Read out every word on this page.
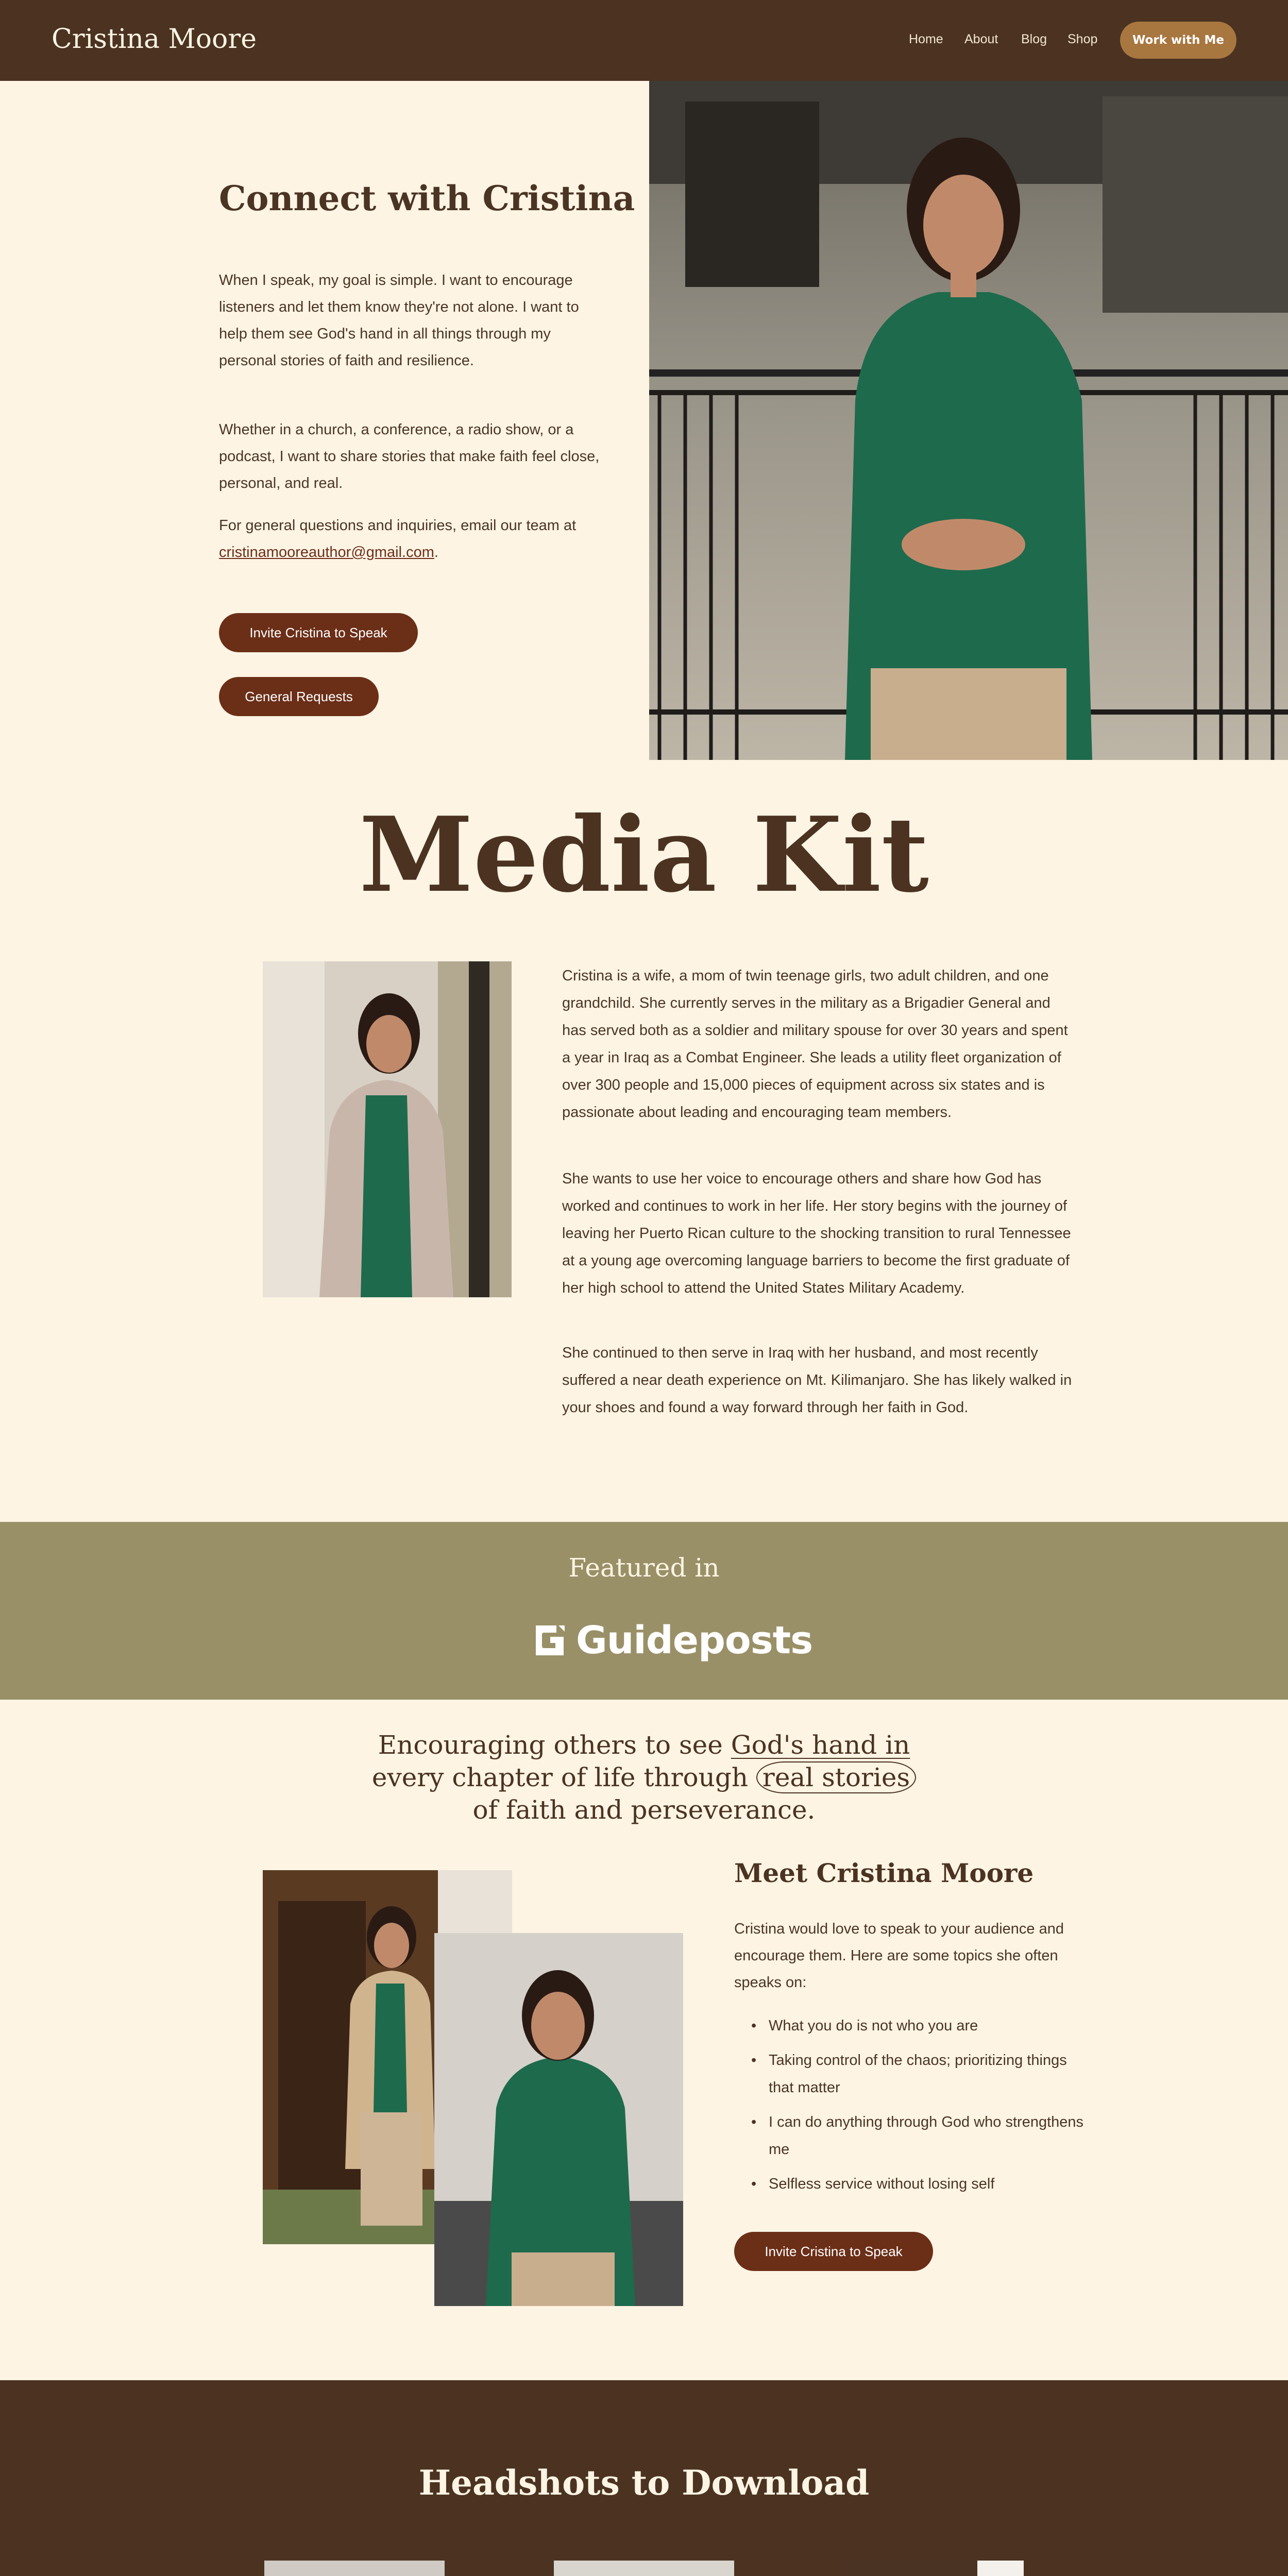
Cristina Moore	Home About Blog Shop	Work with Me
Connect with Cristina

When I speak, my goal is simple. I want to encourage listeners and let them know they're not alone. I want to help them see God's hand in all things through my personal stories of faith and resilience.

Whether in a church, a conference, a radio show, or a podcast, I want to share stories that make faith feel close, personal, and real.

For general questions and inquiries, email our team at cristinamooreauthor@gmail.com.

Invite Cristina to Speak
General Requests
Media Kit

Cristina is a wife, a mom of twin teenage girls, two adult children, and one grandchild. She currently serves in the military as a Brigadier General and has served both as a soldier and military spouse for over 30 years and spent a year in Iraq as a Combat Engineer. She leads a utility fleet organization of over 300 people and 15,000 pieces of equipment across six states and is passionate about leading and encouraging team members.

She wants to use her voice to encourage others and share how God has worked and continues to work in her life. Her story begins with the journey of leaving her Puerto Rican culture to the shocking transition to rural Tennessee at a young age overcoming language barriers to become the first graduate of her high school to attend the United States Military Academy.

She continued to then serve in Iraq with her husband, and most recently suffered a near death experience on Mt. Kilimanjaro. She has likely walked in your shoes and found a way forward through her faith in God.

Featured in
Guideposts
Encouraging others to see God's hand in
every chapter of life through real stories
of faith and perseverance.
Meet Cristina Moore

Cristina would love to speak to your audience and encourage them. Here are some topics she often speaks on:

• What you do is not who you are
• Taking control of the chaos; prioritizing things that matter
• I can do anything through God who strengthens me
• Selfless service without losing self
Invite Cristina to Speak
Headshots to Download
